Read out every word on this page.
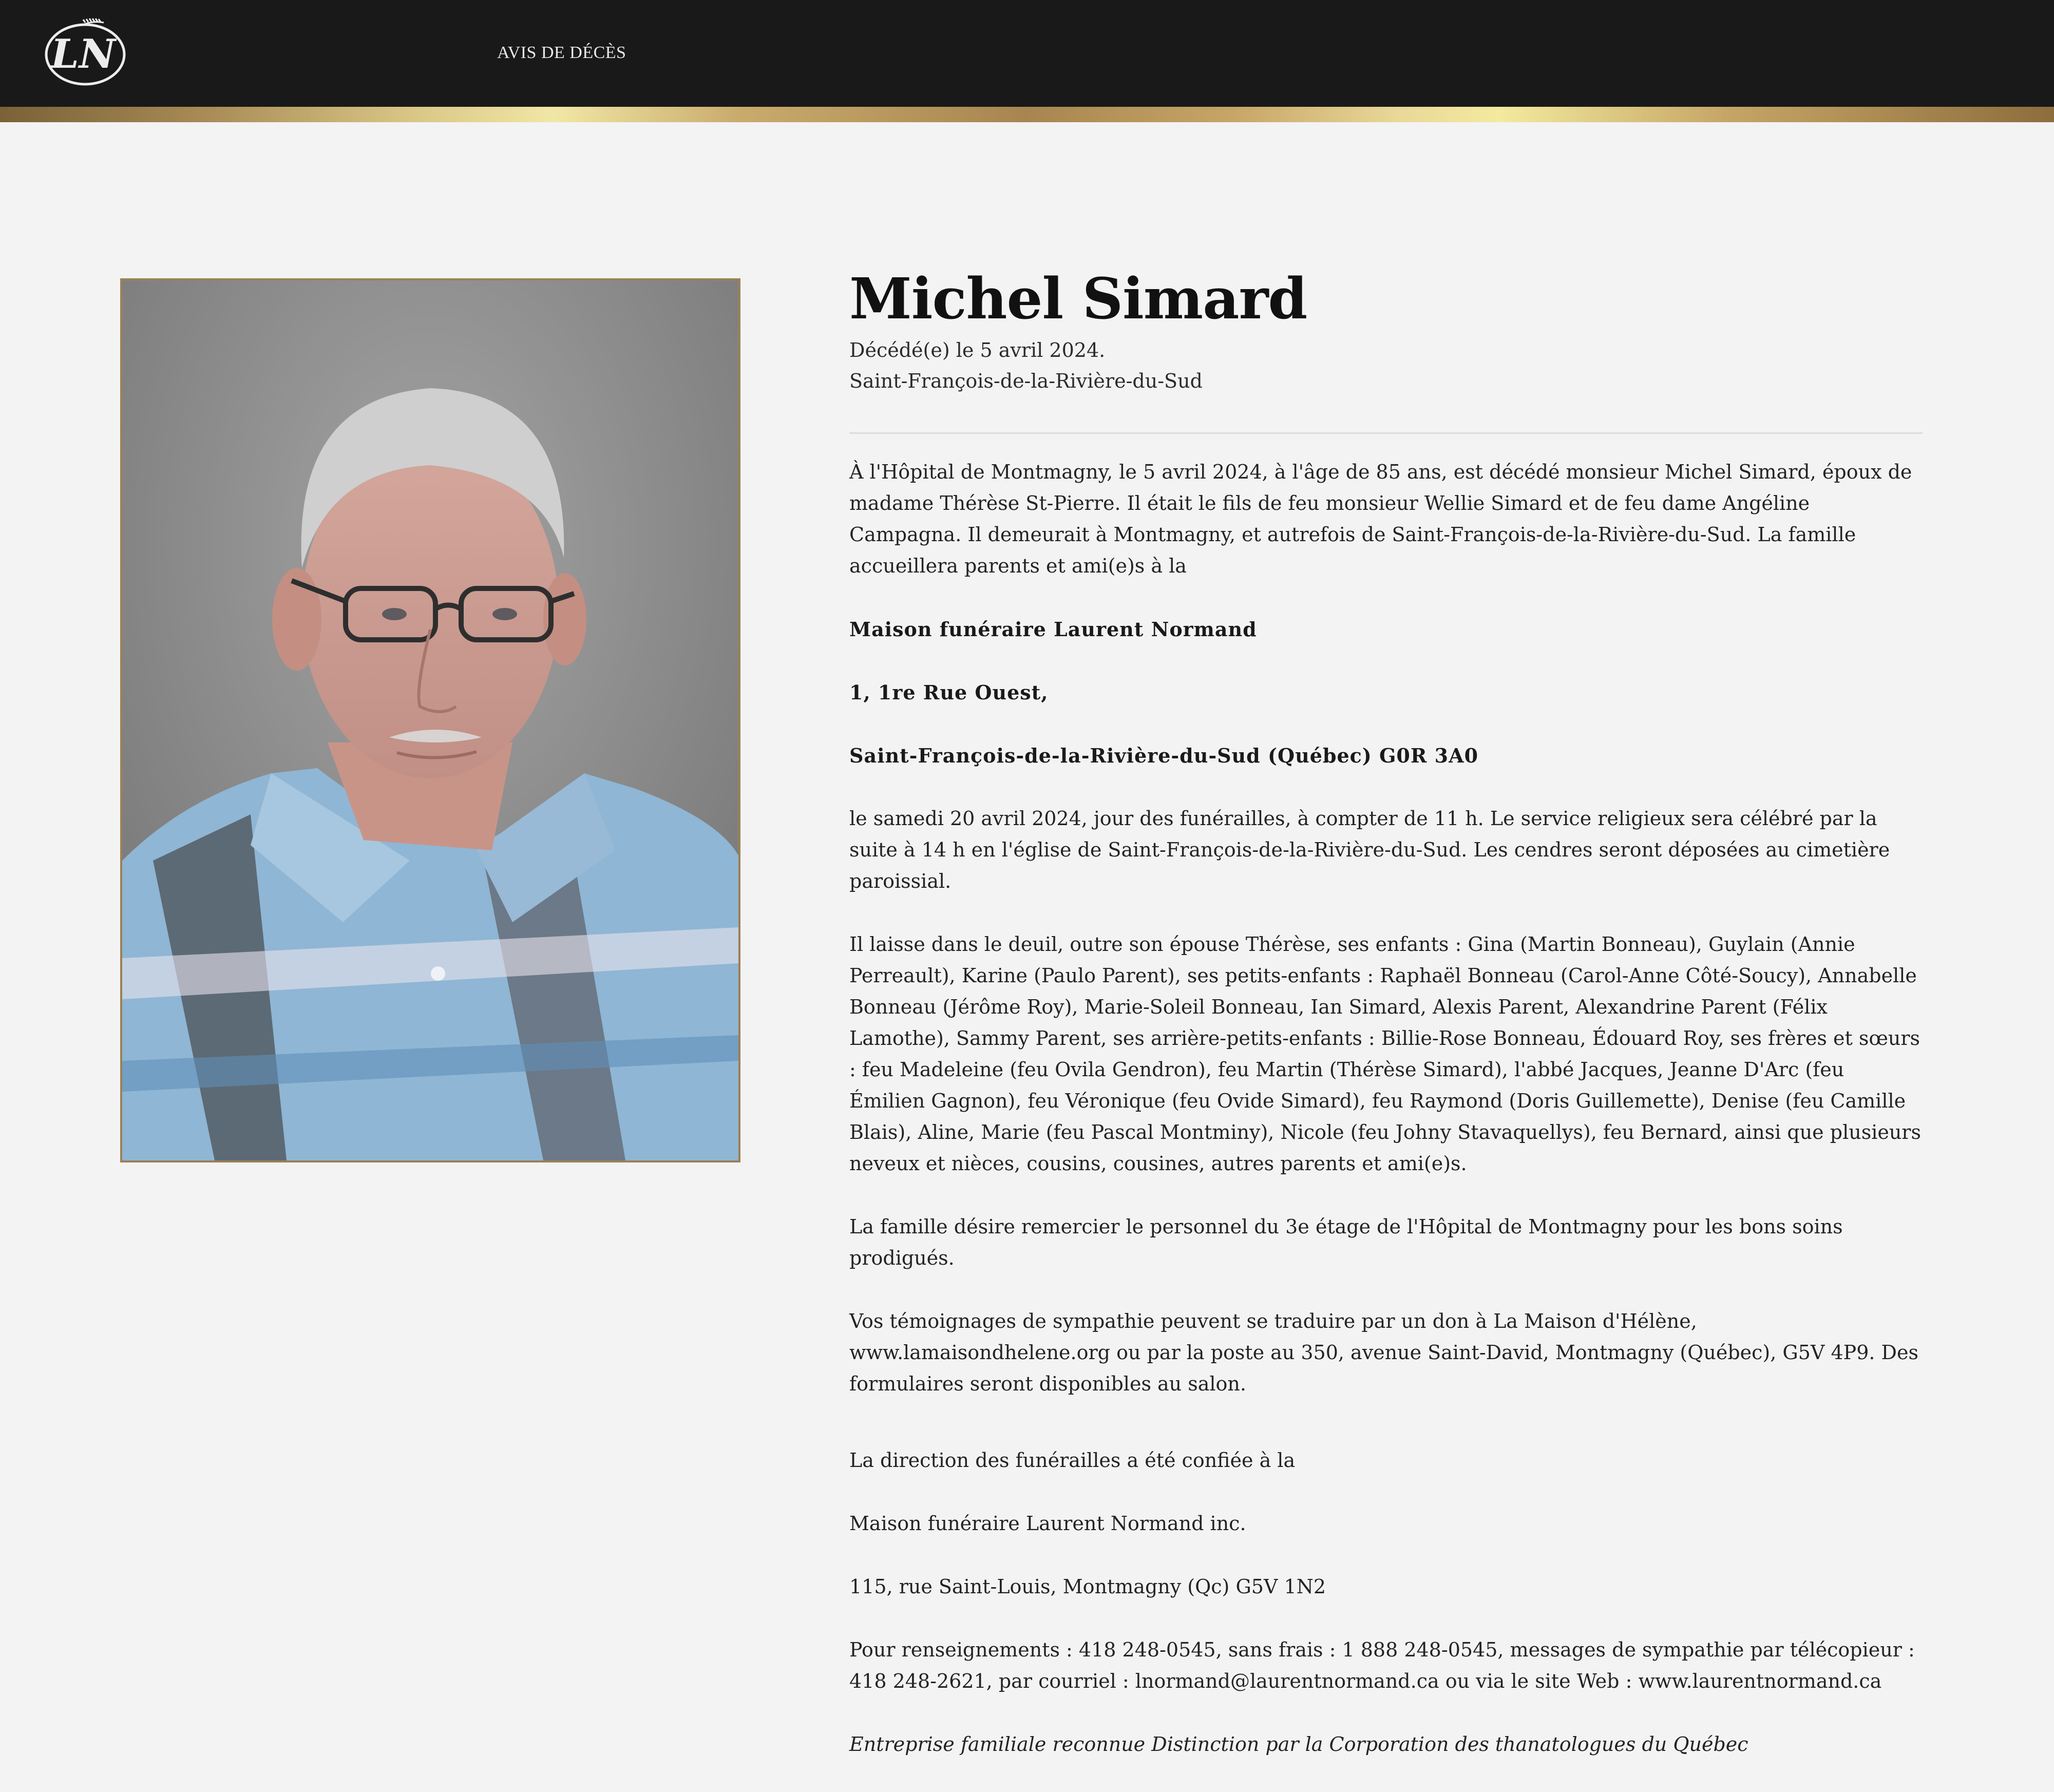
LN	AVIS DE DÉCÈS
Michel Simard

Décédé(e) le 5 avril 2024.

Saint-François-de-la-Rivière-du-Sud

À l'Hôpital de Montmagny, le 5 avril 2024, à l'âge de 85 ans, est décédé monsieur Michel Simard, époux de madame Thérèse St-Pierre. Il était le fils de feu monsieur Wellie Simard et de feu dame Angéline Campagna. Il demeurait à Montmagny, et autrefois de Saint-François-de-la-Rivière-du-Sud. La famille accueillera parents et ami(e)s à la

Maison funéraire Laurent Normand

1, 1re Rue Ouest,

Saint-François-de-la-Rivière-du-Sud (Québec) G0R 3A0

le samedi 20 avril 2024, jour des funérailles, à compter de 11 h. Le service religieux sera célébré par la suite à 14 h en l'église de Saint-François-de-la-Rivière-du-Sud. Les cendres seront déposées au cimetière paroissial.

Il laisse dans le deuil, outre son épouse Thérèse, ses enfants : Gina (Martin Bonneau), Guylain (Annie Perreault), Karine (Paulo Parent), ses petits-enfants : Raphaël Bonneau (Carol-Anne Côté-Soucy), Annabelle Bonneau (Jérôme Roy), Marie-Soleil Bonneau, Ian Simard, Alexis Parent, Alexandrine Parent (Félix Lamothe), Sammy Parent, ses arrière-petits-enfants : Billie-Rose Bonneau, Édouard Roy, ses frères et sœurs : feu Madeleine (feu Ovila Gendron), feu Martin (Thérèse Simard), l'abbé Jacques, Jeanne D'Arc (feu Émilien Gagnon), feu Véronique (feu Ovide Simard), feu Raymond (Doris Guillemette), Denise (feu Camille Blais), Aline, Marie (feu Pascal Montminy), Nicole (feu Johny Stavaquellys), feu Bernard, ainsi que plusieurs neveux et nièces, cousins, cousines, autres parents et ami(e)s.

La famille désire remercier le personnel du 3e étage de l'Hôpital de Montmagny pour les bons soins prodigués.

Vos témoignages de sympathie peuvent se traduire par un don à La Maison d'Hélène, www.lamaisondhelene.org ou par la poste au 350, avenue Saint-David, Montmagny (Québec), G5V 4P9. Des formulaires seront disponibles au salon.

La direction des funérailles a été confiée à la

Maison funéraire Laurent Normand inc.

115, rue Saint-Louis, Montmagny (Qc) G5V 1N2

Pour renseignements : 418 248-0545, sans frais : 1 888 248-0545, messages de sympathie par télécopieur : 418 248-2621, par courriel : lnormand@laurentnormand.ca ou via le site Web : www.laurentnormand.ca

Entreprise familiale reconnue Distinction par la Corporation des thanatologues du Québec
